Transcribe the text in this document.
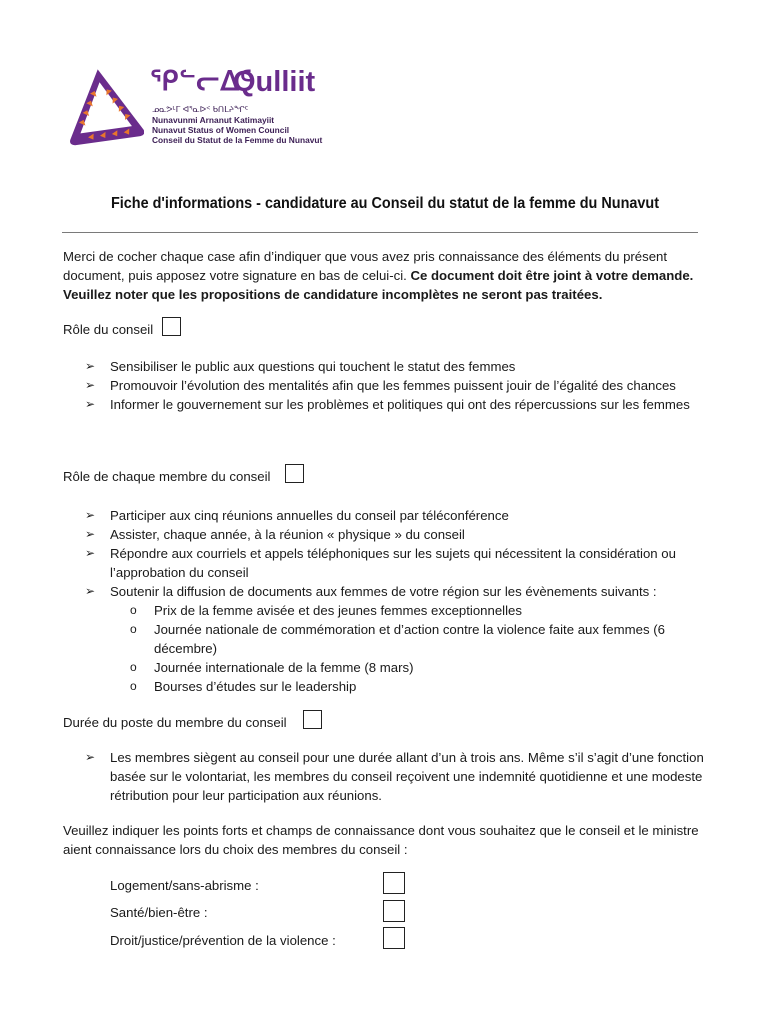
ᕿᓪᓕᐃᑦ
Qulliit
ᓄᓇᕗᒻᒥ ᐊᕐᓇᐅᑉ ᑲᑎᒪᔨᖏᑦ
Nunavunmi Arnanut Katimayiit
Nunavut Status of Women Council
Conseil du Statut de la Femme du Nunavut
Fiche d'informations - candidature au Conseil du statut de la femme du Nunavut
Merci de cocher chaque case afin d’indiquer que vous avez pris connaissance des éléments du présent document, puis apposez votre signature en bas de celui-ci. Ce document doit être joint à votre demande. Veuillez noter que les propositions de candidature incomplètes ne seront pas traitées.
Rôle du conseil
➢ Sensibiliser le public aux questions qui touchent le statut des femmes
➢ Promouvoir l’évolution des mentalités afin que les femmes puissent jouir de l’égalité des chances
➢ Informer le gouvernement sur les problèmes et politiques qui ont des répercussions sur les femmes
Rôle de chaque membre du conseil
➢ Participer aux cinq réunions annuelles du conseil par téléconférence
➢ Assister, chaque année, à la réunion « physique » du conseil
➢ Répondre aux courriels et appels téléphoniques sur les sujets qui nécessitent la considération ou l’approbation du conseil
➢ Soutenir la diffusion de documents aux femmes de votre région sur les évènements suivants :
o Prix de la femme avisée et des jeunes femmes exceptionnelles
o Journée nationale de commémoration et d’action contre la violence faite aux femmes (6 décembre)
o Journée internationale de la femme (8 mars)
o Bourses d’études sur le leadership
Durée du poste du membre du conseil
➢ Les membres siègent au conseil pour une durée allant d’un à trois ans. Même s’il s’agit d’une fonction basée sur le volontariat, les membres du conseil reçoivent une indemnité quotidienne et une modeste rétribution pour leur participation aux réunions.
Veuillez indiquer les points forts et champs de connaissance dont vous souhaitez que le conseil et le ministre aient connaissance lors du choix des membres du conseil :
Logement/sans-abrisme :
Santé/bien-être :
Droit/justice/prévention de la violence :
